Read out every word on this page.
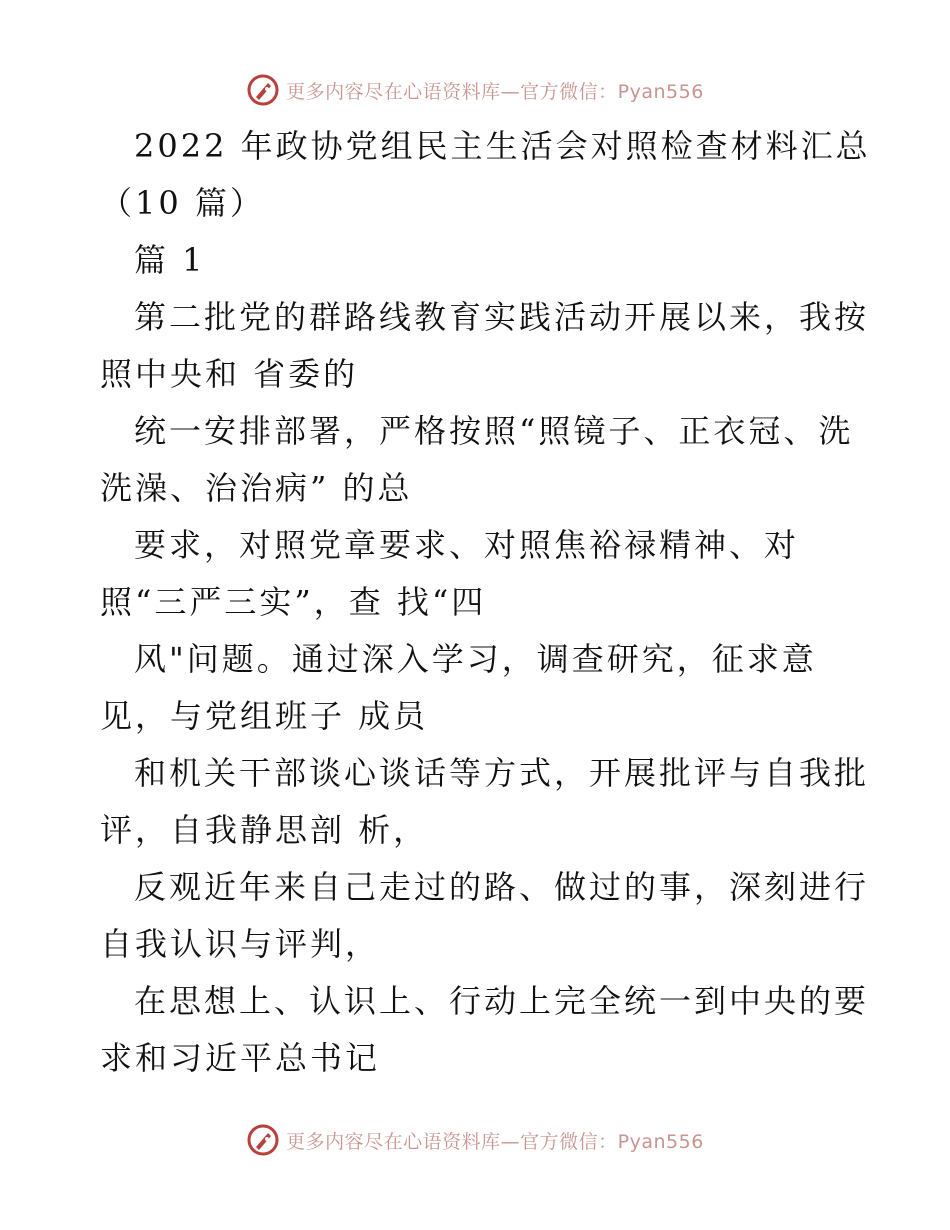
更多内容尽在心语资料库—官方微信：Pyan556
2022 年政协党组民主生活会对照检查材料汇总
（10 篇）
篇 1
第二批党的群路线教育实践活动开展以来，我按
照中央和 省委的
统一安排部署，严格按照“照镜子、正衣冠、洗
洗澡、治治病” 的总
要求，对照党章要求、对照焦裕禄精神、对
照“三严三实”，查 找“四
风"问题。通过深入学习，调查研究，征求意
见，与党组班子 成员
和机关干部谈心谈话等方式，开展批评与自我批
评，自我静思剖 析，
反观近年来自己走过的路、做过的事，深刻进行
自我认识与评判，
在思想上、认识上、行动上完全统一到中央的要
求和习近平总书记
更多内容尽在心语资料库—官方微信：Pyan556
